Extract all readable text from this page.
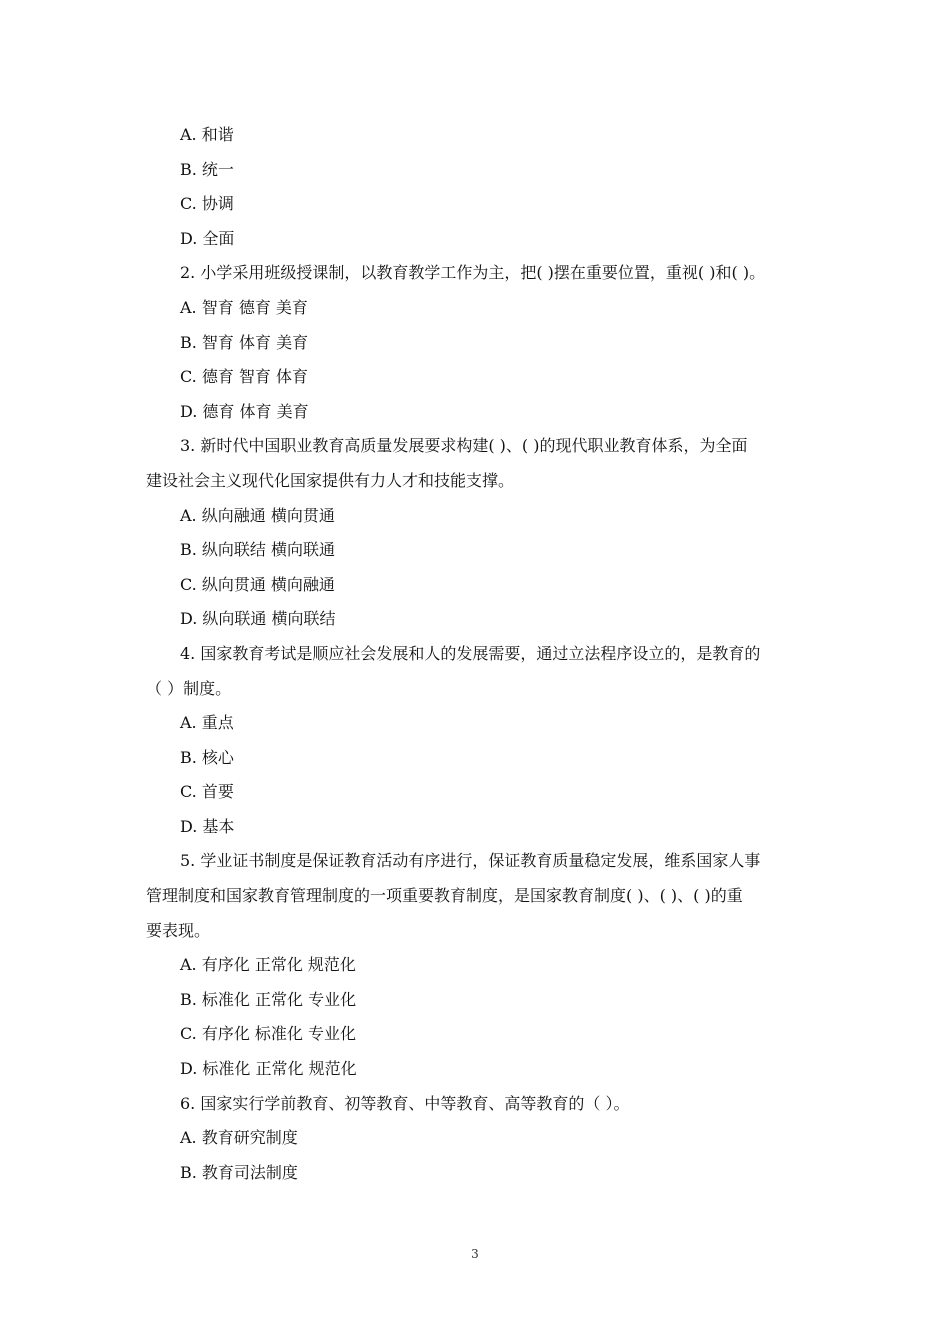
A. 和谐
B. 统一
C. 协调
D. 全面
2. 小学采用班级授课制，以教育教学工作为主，把( )摆在重要位置，重视( )和( )。
A. 智育 德育 美育
B. 智育 体育 美育
C. 德育 智育 体育
D. 德育 体育 美育
3. 新时代中国职业教育高质量发展要求构建( )、( )的现代职业教育体系，为全面
建设社会主义现代化国家提供有力人才和技能支撑。
A. 纵向融通 横向贯通
B. 纵向联结 横向联通
C. 纵向贯通 横向融通
D. 纵向联通 横向联结
4. 国家教育考试是顺应社会发展和人的发展需要，通过立法程序设立的，是教育的
（ ）制度。
A. 重点
B. 核心
C. 首要
D. 基本
5. 学业证书制度是保证教育活动有序进行，保证教育质量稳定发展，维系国家人事
管理制度和国家教育管理制度的一项重要教育制度，是国家教育制度( )、( )、( )的重
要表现。
A. 有序化 正常化 规范化
B. 标准化 正常化 专业化
C. 有序化 标准化 专业化
D. 标准化 正常化 规范化
6. 国家实行学前教育、初等教育、中等教育、高等教育的（ ）。
A. 教育研究制度
B. 教育司法制度
3
